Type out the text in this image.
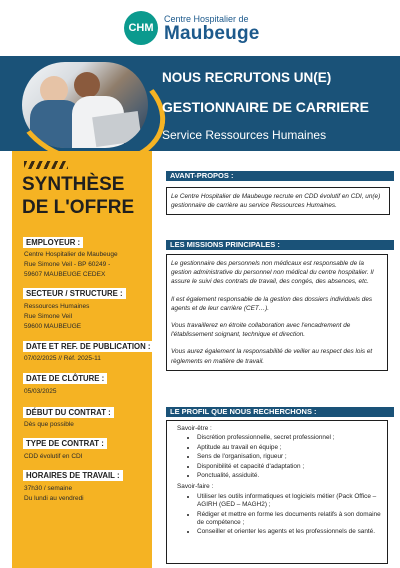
CHM
Centre Hospitalier de
Maubeuge
NOUS RECRUTONS UN(E)
GESTIONNAIRE DE CARRIERE
Service Ressources Humaines
SYNTHÈSE
DE L'OFFRE
EMPLOYEUR :
Centre Hospitalier de Maubeuge
Rue Simone Veil - BP 60249 -
59607 MAUBEUGE CEDEX
SECTEUR / STRUCTURE :
Ressources Humaines
Rue Simone Veil
59600 MAUBEUGE
DATE ET REF. DE PUBLICATION :
07/02/2025 // Réf. 2025-11
DATE DE CLÔTURE :
05/03/2025
DÉBUT DU CONTRAT :
Dès que possible
TYPE DE CONTRAT :
CDD évolutif en CDI
HORAIRES DE TRAVAIL :
37h30 / semaine
Du lundi au vendredi
AVANT-PROPOS :

Le Centre Hospitalier de Maubeuge recrute en CDD évolutif en CDI, un(e) gestionnaire de carrière au service Ressources Humaines.

LES MISSIONS PRINCIPALES :

Le gestionnaire des personnels non médicaux est responsable de la gestion administrative du personnel non médical du centre hospitalier. Il assure le suivi des contrats de travail, des congés, des absences, etc.

Il est également responsable de la gestion des dossiers individuels des agents et de leur carrière (CET…).

Vous travaillerez en étroite collaboration avec l'encadrement de l'établissement soignant, technique et direction.

Vous aurez également la responsabilité de veiller au respect des lois et règlements en matière de travail.

LE PROFIL QUE NOUS RECHERCHONS :
Savoir-être :
• Discrétion professionnelle, secret professionnel ;
• Aptitude au travail en équipe ;
• Sens de l'organisation, rigueur ;
• Disponibilité et capacité d'adaptation ;
• Ponctualité, assiduité.
Savoir-faire :
• Utiliser les outils informatiques et logiciels métier (Pack Office – AGIRH (GED – MAGH2) ;
• Rédiger et mettre en forme les documents relatifs à son domaine de compétence ;
• Conseiller et orienter les agents et les professionnels de santé.
